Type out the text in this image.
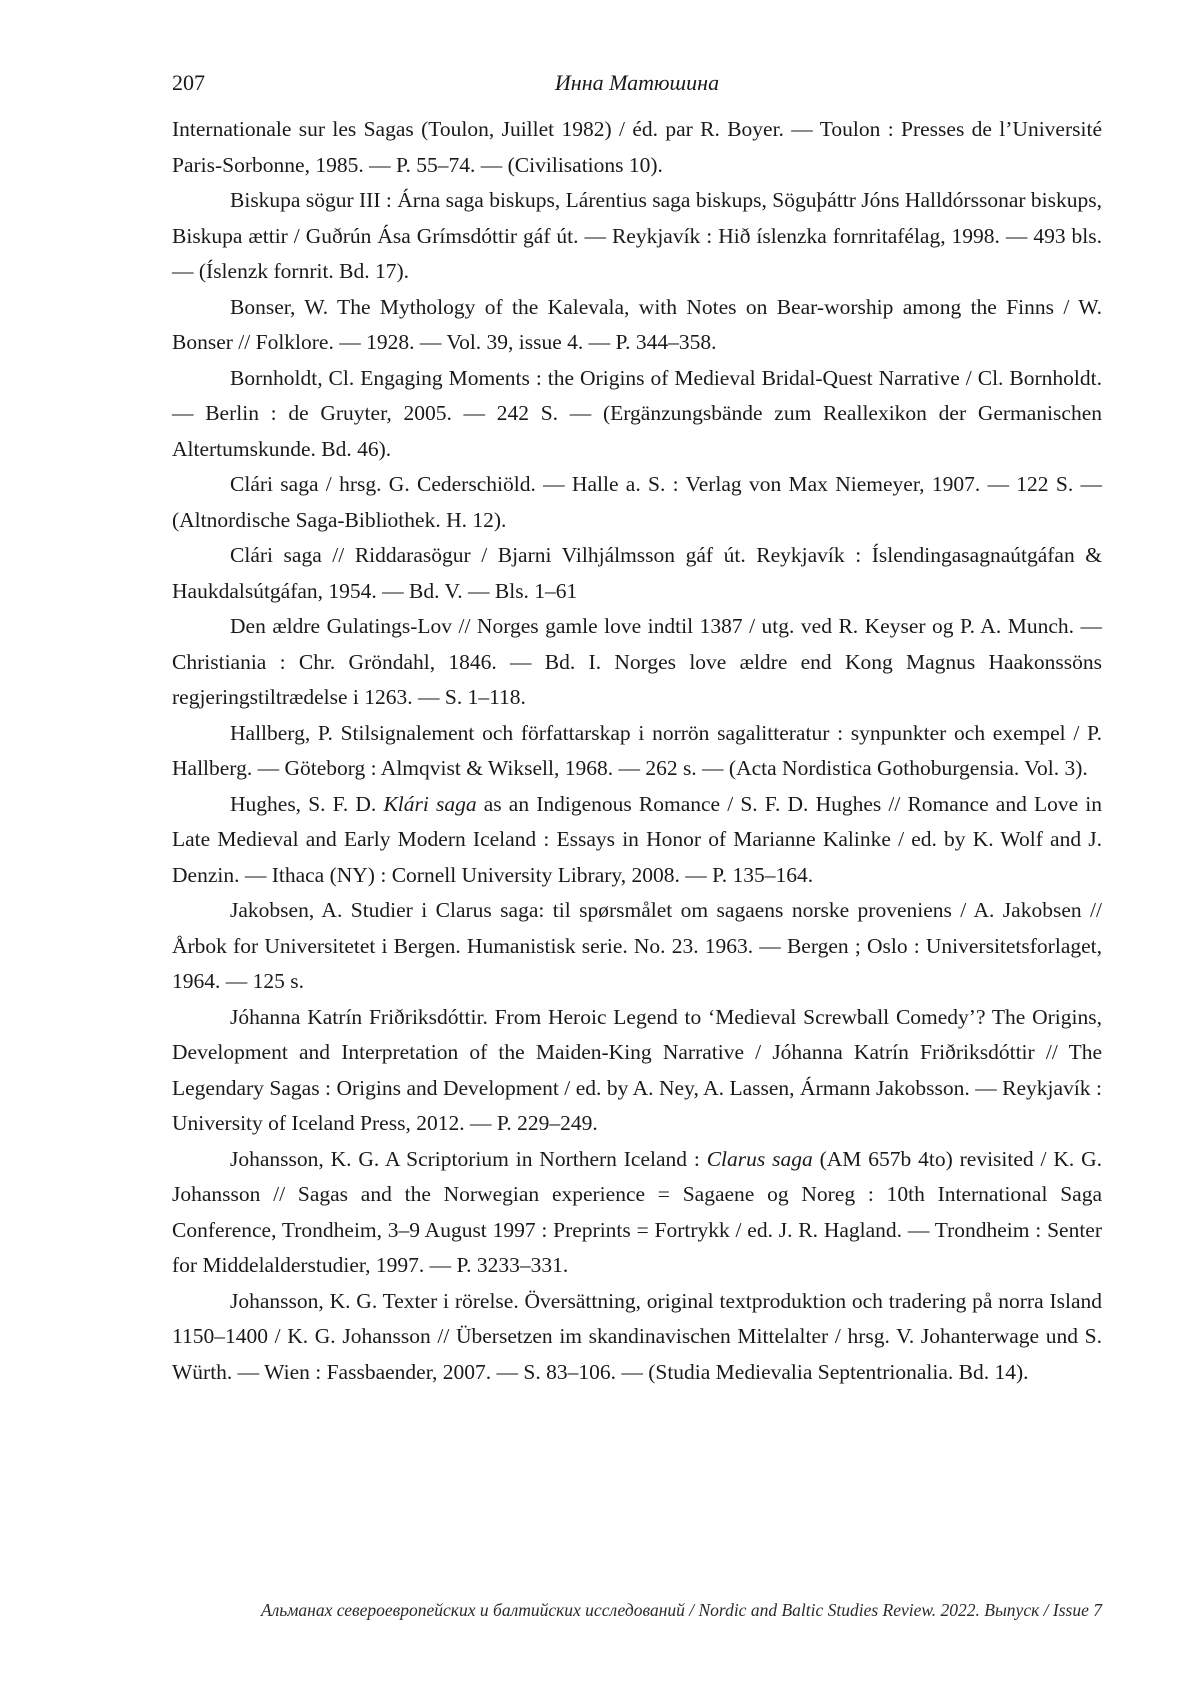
207	Инна Матюшина

Internationale sur les Sagas (Toulon, Juillet 1982) / éd. par R. Boyer. — Toulon : Presses de l’Université Paris-Sorbonne, 1985. — P. 55–74. — (Civilisations 10).

Biskupa sögur III : Árna saga biskups, Lárentius saga biskups, Söguþáttr Jóns Halldórssonar biskups, Biskupa ættir / Guðrún Ása Grímsdóttir gáf út. — Reykjavík : Hið íslenzka fornritafélag, 1998. — 493 bls. — (Íslenzk fornrit. Bd. 17).

Bonser, W. The Mythology of the Kalevala, with Notes on Bear-worship among the Finns / W. Bonser // Folklore. — 1928. — Vol. 39, issue 4. — P. 344–358.

Bornholdt, Cl. Engaging Moments : the Origins of Medieval Bridal-Quest Narrative / Cl. Bornholdt. — Berlin : de Gruyter, 2005. — 242 S. — (Ergänzungsbände zum Reallexikon der Germanischen Altertumskunde. Bd. 46).

Clári saga / hrsg. G. Cederschiöld. — Halle a. S. : Verlag von Max Niemeyer, 1907. — 122 S. — (Altnordische Saga-Bibliothek. H. 12).

Clári saga // Riddarasögur / Bjarni Vilhjálmsson gáf út. Reykjavík : Íslendingasagnaútgáfan & Haukdalsútgáfan, 1954. — Bd. V. — Bls. 1–61

Den ældre Gulatings-Lov // Norges gamle love indtil 1387 / utg. ved R. Keyser og P. A. Munch. — Christiania : Chr. Gröndahl, 1846. — Bd. I. Norges love ældre end Kong Magnus Haakonssöns regjeringstiltrædelse i 1263. — S. 1–118.

Hallberg, P. Stilsignalement och författarskap i norrön sagalitteratur : synpunkter och exempel / P. Hallberg. — Göteborg : Almqvist & Wiksell, 1968. — 262 s. — (Acta Nordistica Gothoburgensia. Vol. 3).

Hughes, S. F. D. Klári saga as an Indigenous Romance / S. F. D. Hughes // Romance and Love in Late Medieval and Early Modern Iceland : Essays in Honor of Marianne Kalinke / ed. by K. Wolf and J. Denzin. — Ithaca (NY) : Cornell University Library, 2008. — P. 135–164.

Jakobsen, A. Studier i Clarus saga: til spørsmålet om sagaens norske proveniens / A. Jakobsen // Årbok for Universitetet i Bergen. Humanistisk serie. No. 23. 1963. — Bergen ; Oslo : Universitetsforlaget, 1964. — 125 s.

Jóhanna Katrín Friðriksdóttir. From Heroic Legend to ‘Medieval Screwball Comedy’? The Origins, Development and Interpretation of the Maiden-King Narrative / Jóhanna Katrín Friðriksdóttir // The Legendary Sagas : Origins and Development / ed. by A. Ney, A. Lassen, Ármann Jakobsson. — Reykjavík : University of Iceland Press, 2012. — P. 229–249.

Johansson, K. G. A Scriptorium in Northern Iceland : Clarus saga (AM 657b 4to) revisited / K. G. Johansson // Sagas and the Norwegian experience = Sagaene og Noreg : 10th International Saga Conference, Trondheim, 3–9 August 1997 : Preprints = Fortrykk / ed. J. R. Hagland. — Trondheim : Senter for Middelalderstudier, 1997. — P. 3233–331.

Johansson, K. G. Texter i rörelse. Översättning, original textproduktion och tradering på norra Island 1150–1400 / K. G. Johansson // Übersetzen im skandinavischen Mittelalter / hrsg. V. Johanterwage und S. Würth. — Wien : Fassbaender, 2007. — S. 83–106. — (Studia Medievalia Septentrionalia. Bd. 14).

Альманах североевропейских и балтийских исследований / Nordic and Baltic Studies Review. 2022. Выпуск / Issue 7
